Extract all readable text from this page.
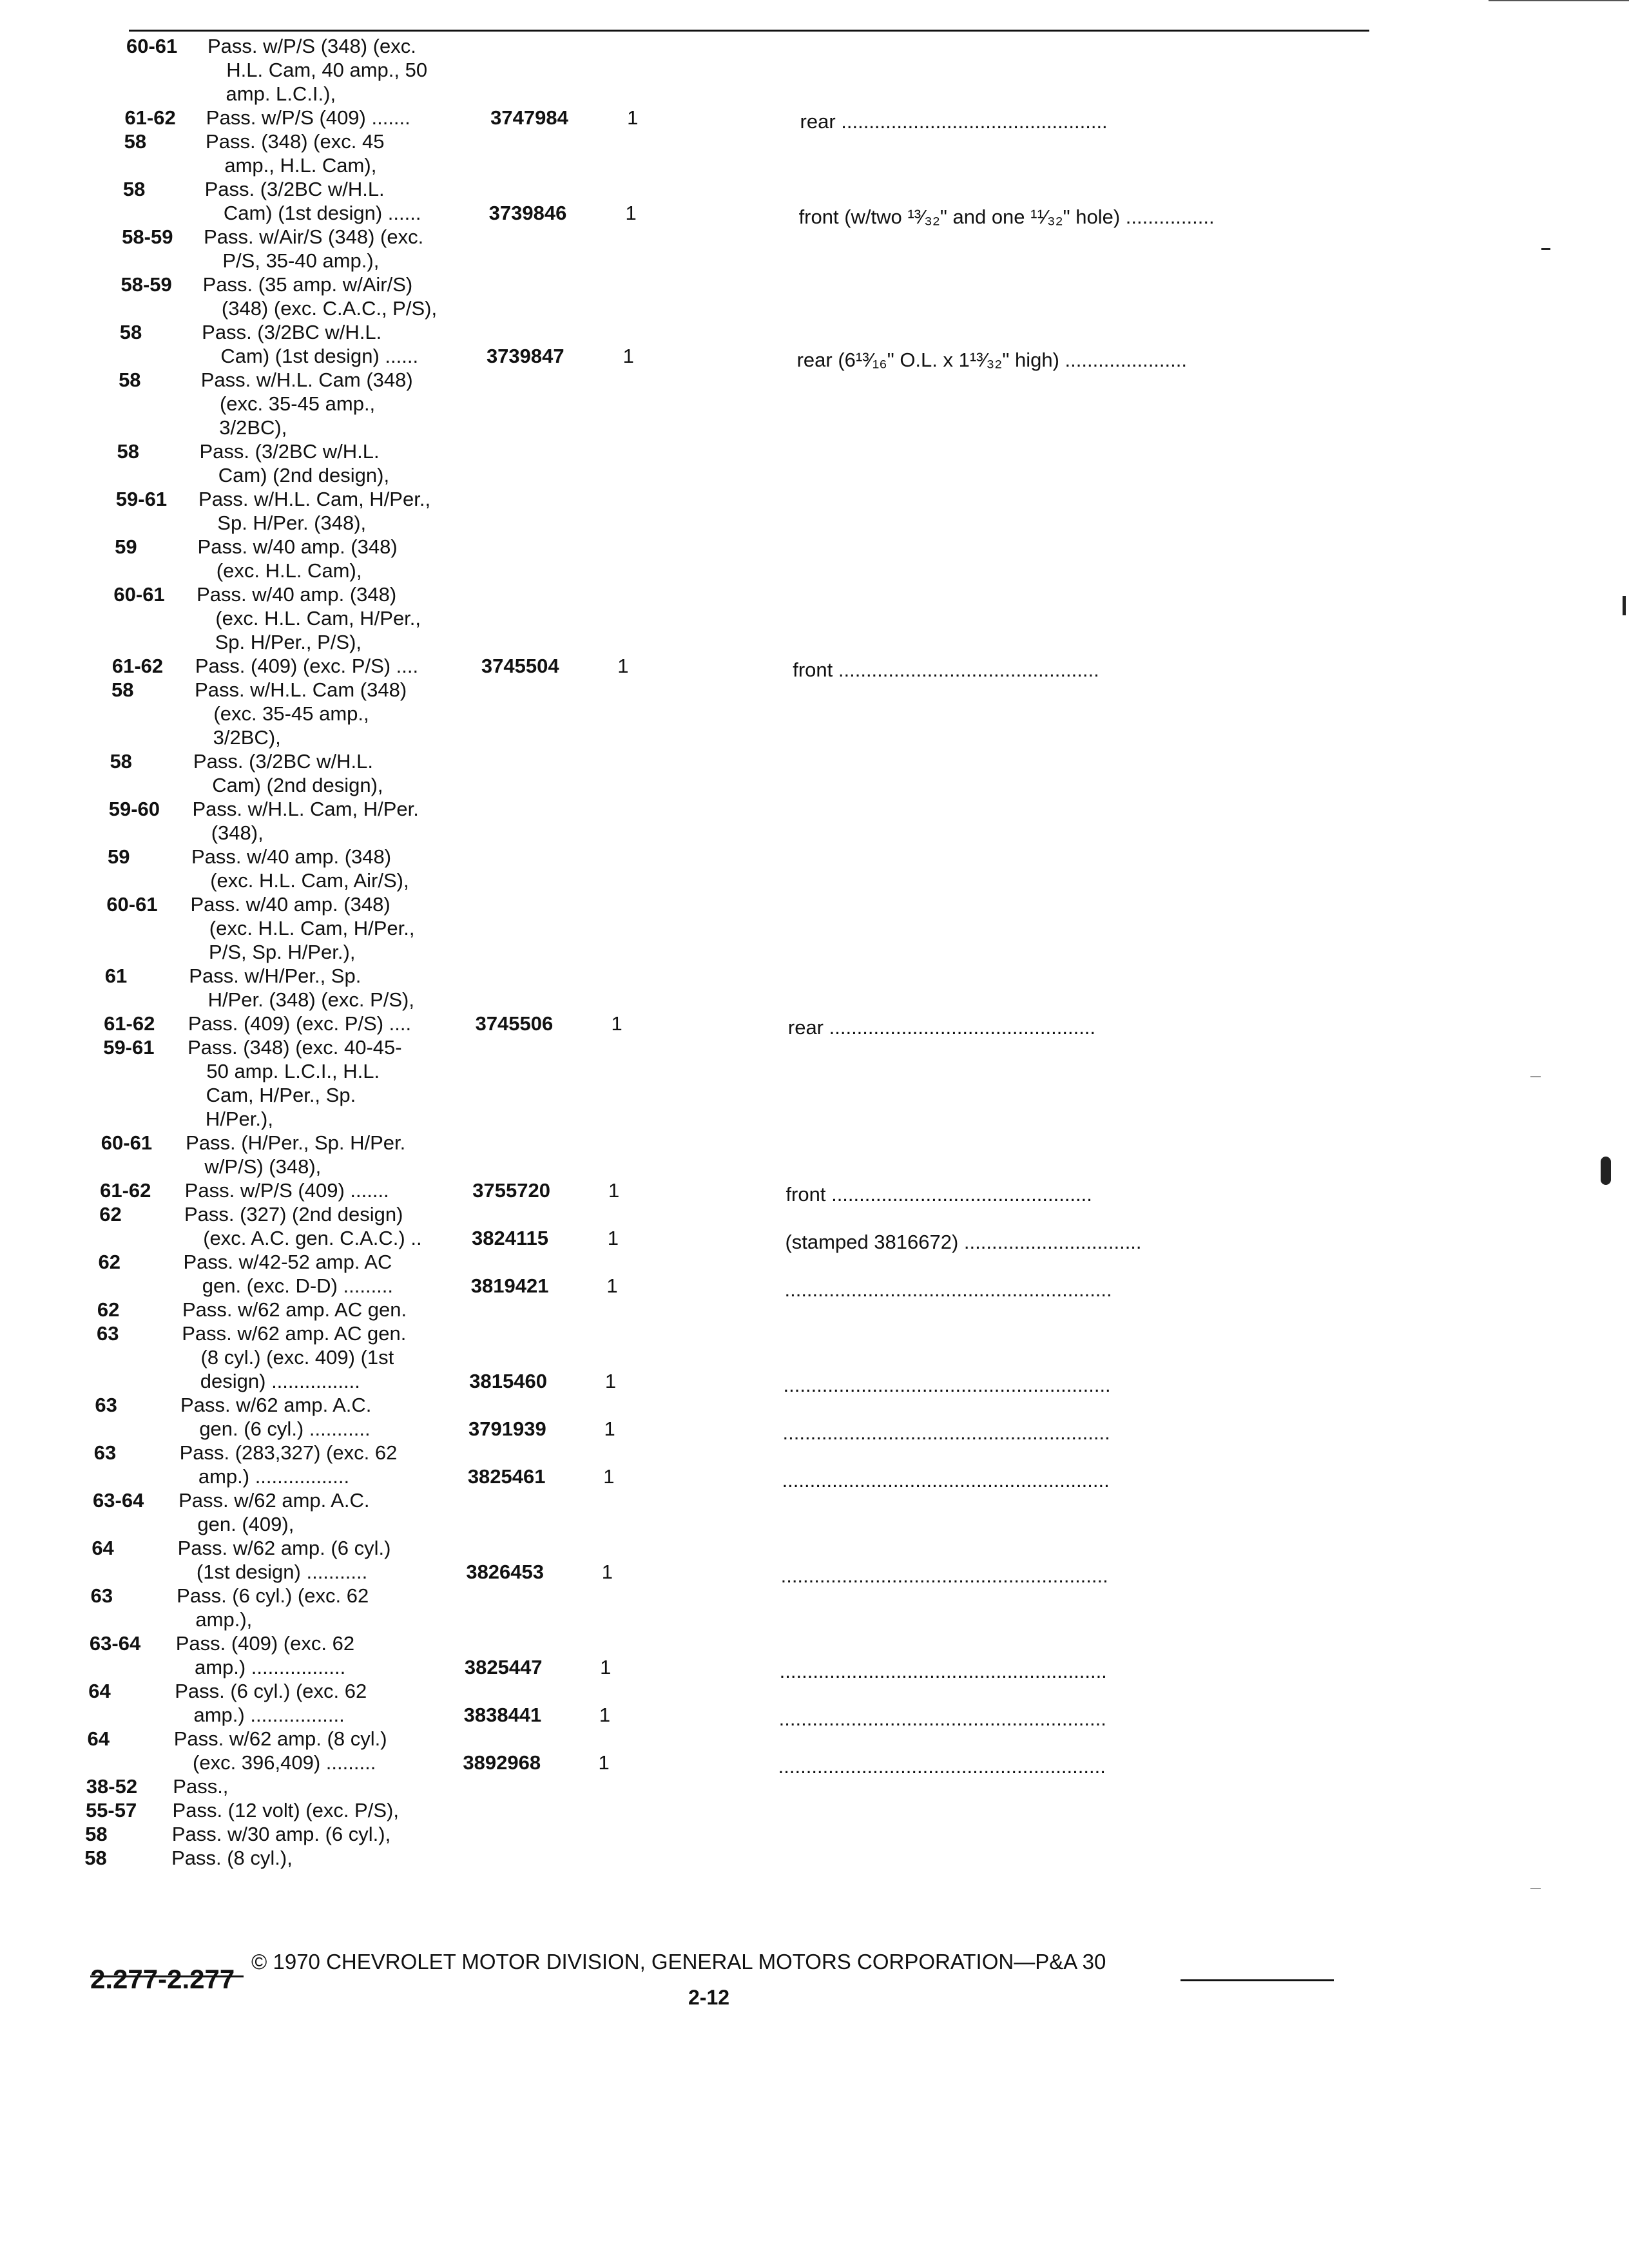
60-61 Pass. w/P/S (348) (exc.
H.L. Cam, 40 amp., 50
amp. L.C.I.),
61-62 Pass. w/P/S (409) .......	3747984	1	rear ................................................
58	Pass. (348) (exc. 45
amp., H.L. Cam),
58	Pass. (3/2BC w/H.L.
Cam) (1st design) ......	3739846	1	front (w/two ¹³⁄₃₂" and one ¹¹⁄₃₂" hole) ................
58-59 Pass. w/Air/S (348) (exc.
P/S, 35-40 amp.),
58-59 Pass. (35 amp. w/Air/S)
(348) (exc. C.A.C., P/S),
58	Pass. (3/2BC w/H.L.
Cam) (1st design) ......	3739847	1	rear (6¹³⁄₁₆" O.L. x 1¹³⁄₃₂" high) ......................
58	Pass. w/H.L. Cam (348)
(exc. 35-45 amp.,
3/2BC),
58	Pass. (3/2BC w/H.L.
Cam) (2nd design),
59-61 Pass. w/H.L. Cam, H/Per.,
Sp. H/Per. (348),
59	Pass. w/40 amp. (348)
(exc. H.L. Cam),
60-61 Pass. w/40 amp. (348)
(exc. H.L. Cam, H/Per.,
Sp. H/Per., P/S),
61-62 Pass. (409) (exc. P/S) ....	3745504	1	front ...............................................
58	Pass. w/H.L. Cam (348)
(exc. 35-45 amp.,
3/2BC),
58	Pass. (3/2BC w/H.L.
Cam) (2nd design),
59-60 Pass. w/H.L. Cam, H/Per.
(348),
59	Pass. w/40 amp. (348)
(exc. H.L. Cam, Air/S),
60-61 Pass. w/40 amp. (348)
(exc. H.L. Cam, H/Per.,
P/S, Sp. H/Per.),
61	Pass. w/H/Per., Sp.
H/Per. (348) (exc. P/S),
61-62 Pass. (409) (exc. P/S) ....	3745506	1	rear ................................................
59-61 Pass. (348) (exc. 40-45-
50 amp. L.C.I., H.L.
Cam, H/Per., Sp.
H/Per.),
60-61 Pass. (H/Per., Sp. H/Per.
w/P/S) (348),
61-62 Pass. w/P/S (409) .......	3755720	1	front ...............................................
62	Pass. (327) (2nd design)
(exc. A.C. gen. C.A.C.) .. 3824115	1	(stamped 3816672) ................................
62	Pass. w/42-52 amp. AC
gen. (exc. D-D) .........	3819421	1	...........................................................
62	Pass. w/62 amp. AC gen.
63	Pass. w/62 amp. AC gen.
(8 cyl.) (exc. 409) (1st
design) ................	3815460	1	...........................................................
63	Pass. w/62 amp. A.C.
gen. (6 cyl.) ...........	3791939	1	...........................................................
63	Pass. (283,327) (exc. 62
amp.) .................	3825461	1	...........................................................
63-64 Pass. w/62 amp. A.C.
gen. (409),
64	Pass. w/62 amp. (6 cyl.)
(1st design) ...........	3826453	1	...........................................................
63	Pass. (6 cyl.) (exc. 62
amp.),
63-64 Pass. (409) (exc. 62
amp.) .................	3825447	1	...........................................................
64	Pass. (6 cyl.) (exc. 62
amp.) .................	3838441	1	...........................................................
64	Pass. w/62 amp. (8 cyl.)
(exc. 396,409) .........	3892968	1	...........................................................
38-52 Pass.,
55-57 Pass. (12 volt) (exc. P/S),
58	Pass. w/30 amp. (6 cyl.),
58	Pass. (8 cyl.),
© 1970 CHEVROLET MOTOR DIVISION, GENERAL MOTORS CORPORATION—P&A 30
2.277-2.277
2-12
